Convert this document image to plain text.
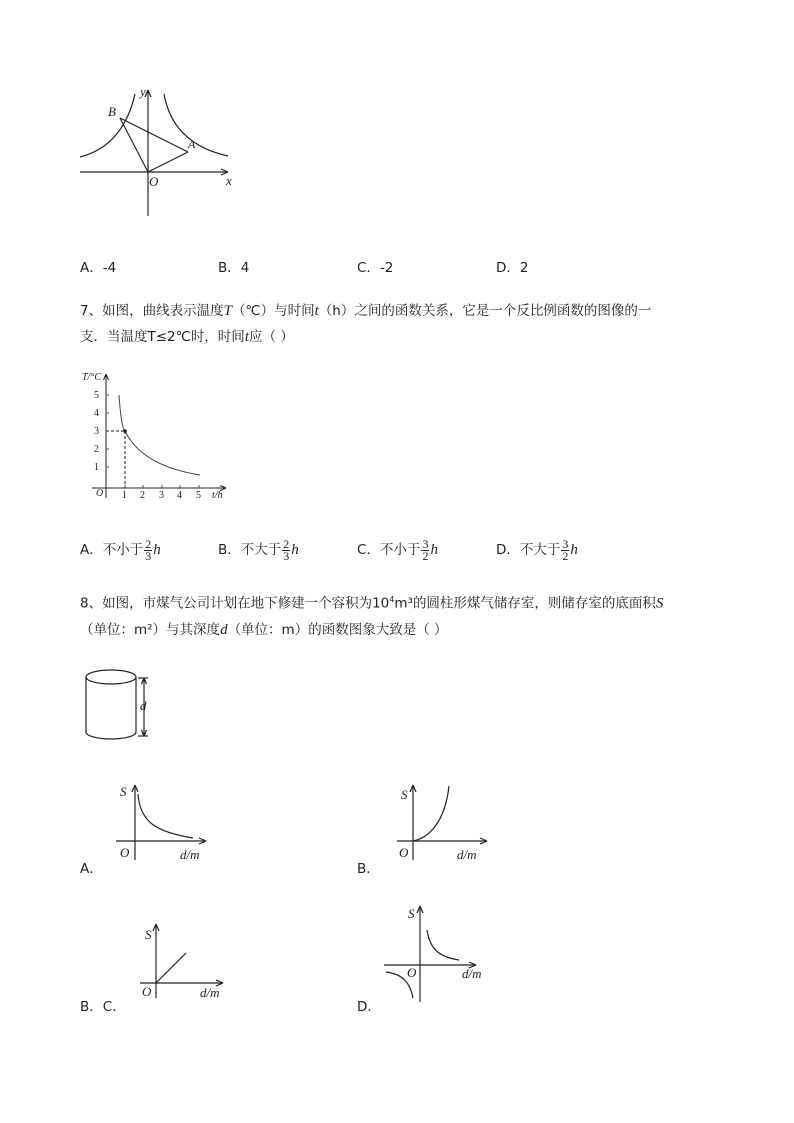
B
y
A
O	x
A．-4	B．4	C．-2	D．2
7、如图，曲线表示温度T（℃）与时间t（h）之间的函数关系，它是一个反比例函数的图像的一
支．当温度T≤2℃时，时间t应（ ）
T/°C
1
2
3
4
5
O 1 2 3 4 5 t/h
A．不小于 $\frac{2}{3}$ h	B．不大于 $\frac{2}{3}$ h	C．不小于 $\frac{3}{2}$ h	D．不大于 $\frac{3}{2}$ h
8、如图，市煤气公司计划在地下修建一个容积为$10^4m^3$的圆柱形煤气储存室，则储存室的底面积S
（单位：m²）与其深度d（单位：m）的函数图象大致是（ ）
d
S
O	d/m
A．
S
O	d/m
B．
S
O	d/m
B．C．
S
O	d/m
D．
